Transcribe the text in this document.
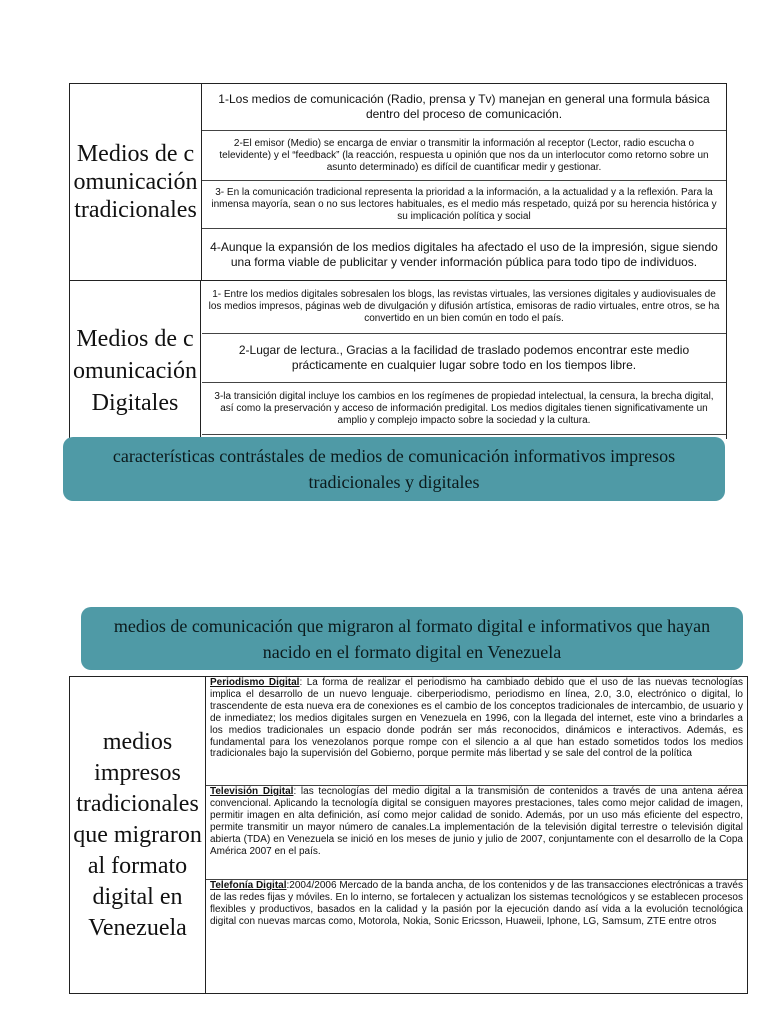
Medios de comunicación tradicionales
1-Los medios de comunicación (Radio, prensa y Tv) manejan en general una formula básica dentro del proceso de comunicación.
2-El emisor (Medio) se encarga de enviar o transmitir la información al receptor (Lector, radio escucha o televidente) y el “feedback” (la reacción, respuesta u opinión que nos da un interlocutor como retorno sobre un asunto determinado) es difícil de cuantificar medir y gestionar.
3- En la comunicación tradicional representa la prioridad a la información, a la actualidad y a la reflexión. Para la inmensa mayoría, sean o no sus lectores habituales, es el medio más respetado, quizá por su herencia histórica y su implicación política y social
4-Aunque la expansión de los medios digitales ha afectado el uso de la impresión, sigue siendo una forma viable de publicitar y vender información pública para todo tipo de individuos.
Medios de comunicación Digitales
1- Entre los medios digitales sobresalen los blogs, las revistas virtuales, las versiones digitales y audiovisuales de los medios impresos, páginas web de divulgación y difusión artística, emisoras de radio virtuales, entre otros, se ha convertido en un bien común en todo el país.
2-Lugar de lectura., Gracias a la facilidad de traslado podemos encontrar este medio prácticamente en cualquier lugar sobre todo en los tiempos libre.
3-la transición digital incluye los cambios en los regímenes de propiedad intelectual, la censura, la brecha digital, así como la preservación y acceso de información predigital. Los medios digitales tienen significativamente un amplio y complejo impacto sobre la sociedad y la cultura.
características contrástales de medios de comunicación informativos impresos tradicionales y digitales
medios de comunicación que migraron al formato digital e informativos que hayan nacido en el formato digital en Venezuela
medios impresos tradicionales que migraron al formato digital en Venezuela
Periodismo Digital: La forma de realizar el periodismo ha cambiado debido que el uso de las nuevas tecnologías implica el desarrollo de un nuevo lenguaje. ciberperiodismo, periodismo en línea, 2.0, 3.0, electrónico o digital, lo trascendente de esta nueva era de conexiones es el cambio de los conceptos tradicionales de intercambio, de usuario y de inmediatez; los medios digitales surgen en Venezuela en 1996, con la llegada del internet, este vino a brindarles a los medios tradicionales un espacio donde podrán ser más reconocidos, dinámicos e interactivos. Además, es fundamental para los venezolanos porque rompe con el silencio a al que han estado sometidos todos los medios tradicionales bajo la supervisión del Gobierno, porque permite más libertad y se sale del control de la política
Televisión Digital: las tecnologías del medio digital a la transmisión de contenidos a través de una antena aérea convencional. Aplicando la tecnología digital se consiguen mayores prestaciones, tales como mejor calidad de imagen, permitir imagen en alta definición, así como mejor calidad de sonido. Además, por un uso más eficiente del espectro, permite transmitir un mayor número de canales.La implementación de la televisión digital terrestre o televisión digital abierta (TDA) en Venezuela se inició en los meses de junio y julio de 2007, conjuntamente con el desarrollo de la Copa América 2007 en el país.
Telefonía Digital:2004/2006 Mercado de la banda ancha, de los contenidos y de las transacciones electrónicas a través de las redes fijas y móviles. En lo interno, se fortalecen y actualizan los sistemas tecnológicos y se establecen procesos flexibles y productivos, basados en la calidad y la pasión por la ejecución dando así vida a la evolución tecnológica digital con nuevas marcas como, Motorola, Nokia, Sonic Ericsson, Huaweii, Iphone, LG, Samsum, ZTE entre otros
